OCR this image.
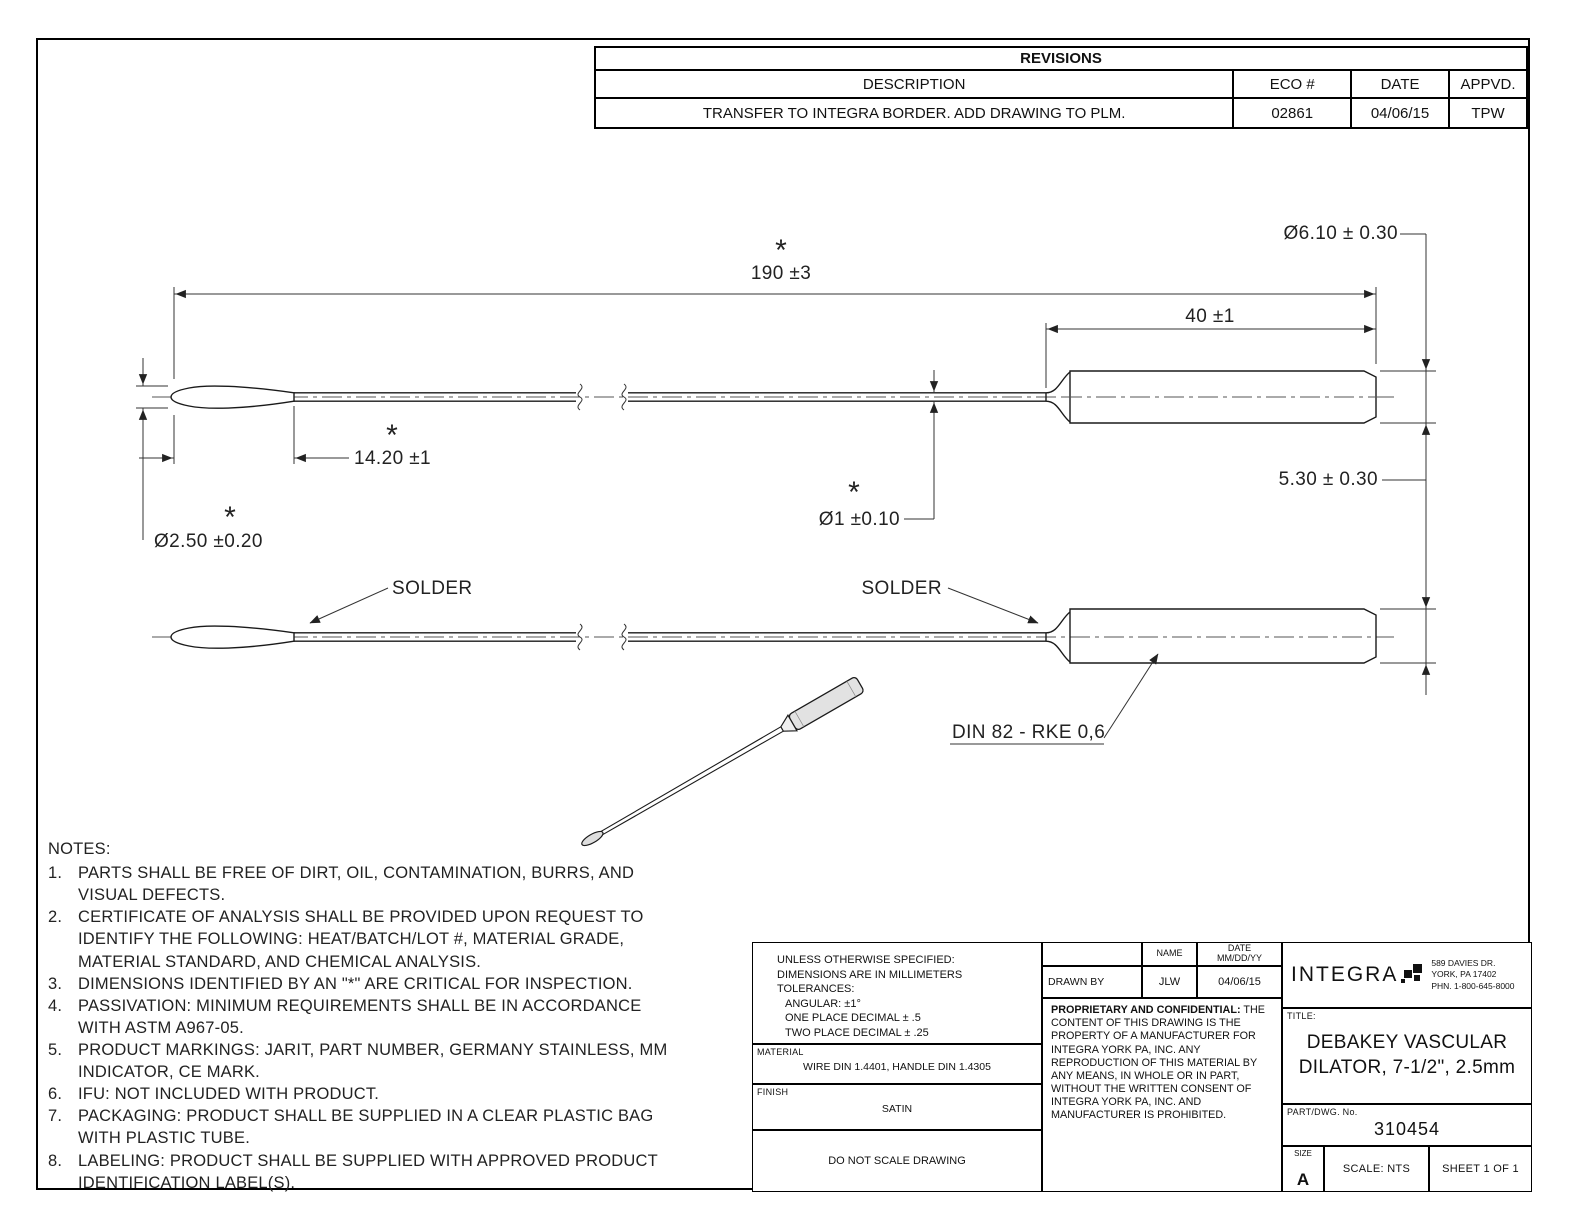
REVISIONS			
DESCRIPTION	ECO #	DATE	APPVD.
TRANSFER TO INTEGRA BORDER. ADD DRAWING TO PLM.	02861	04/06/15	TPW
*
190 ±3
40 ±1
Ø6.10 ± 0.30
*
14.20 ±1
*
Ø2.50 ±0.20
*
Ø1 ±0.10
5.30 ± 0.30
SOLDER	SOLDER
DIN 82 - RKE 0,6
NOTES:
1. PARTS SHALL BE FREE OF DIRT, OIL, CONTAMINATION, BURRS, AND VISUAL DEFECTS.
2. CERTIFICATE OF ANALYSIS SHALL BE PROVIDED UPON REQUEST TO IDENTIFY THE FOLLOWING: HEAT/BATCH/LOT #, MATERIAL GRADE, MATERIAL STANDARD, AND CHEMICAL ANALYSIS.
3. DIMENSIONS IDENTIFIED BY AN "*" ARE CRITICAL FOR INSPECTION.
4. PASSIVATION: MINIMUM REQUIREMENTS SHALL BE IN ACCORDANCE WITH ASTM A967-05.
5. PRODUCT MARKINGS: JARIT, PART NUMBER, GERMANY STAINLESS, MM INDICATOR, CE MARK.
6. IFU: NOT INCLUDED WITH PRODUCT.
7. PACKAGING: PRODUCT SHALL BE SUPPLIED IN A CLEAR PLASTIC BAG WITH PLASTIC TUBE.
8. LABELING: PRODUCT SHALL BE SUPPLIED WITH APPROVED PRODUCT IDENTIFICATION LABEL(S).
UNLESS OTHERWISE SPECIFIED:
DIMENSIONS ARE IN MILLIMETERS
TOLERANCES:
ANGULAR: ±1°
ONE PLACE DECIMAL ± .5
TWO PLACE DECIMAL ± .25
MATERIAL
WIRE DIN 1.4401, HANDLE DIN 1.4305
FINISH
SATIN
DO NOT SCALE DRAWING
NAME	DATE
MM/DD/YY
DRAWN BY	JLW	04/06/15
PROPRIETARY AND CONFIDENTIAL: THE CONTENT OF THIS DRAWING IS THE PROPERTY OF A MANUFACTURER FOR INTEGRA YORK PA, INC. ANY REPRODUCTION OF THIS MATERIAL BY ANY MEANS, IN WHOLE OR IN PART, WITHOUT THE WRITTEN CONSENT OF INTEGRA YORK PA, INC. AND MANUFACTURER IS PROHIBITED.
INTEGRA	589 DAVIES DR.
YORK, PA 17402
PHN. 1-800-645-8000
TITLE:
DEBAKEY VASCULAR DILATOR, 7-1/2", 2.5mm
PART/DWG. No.
310454
SIZE
A
SCALE: NTS	SHEET 1 OF 1
